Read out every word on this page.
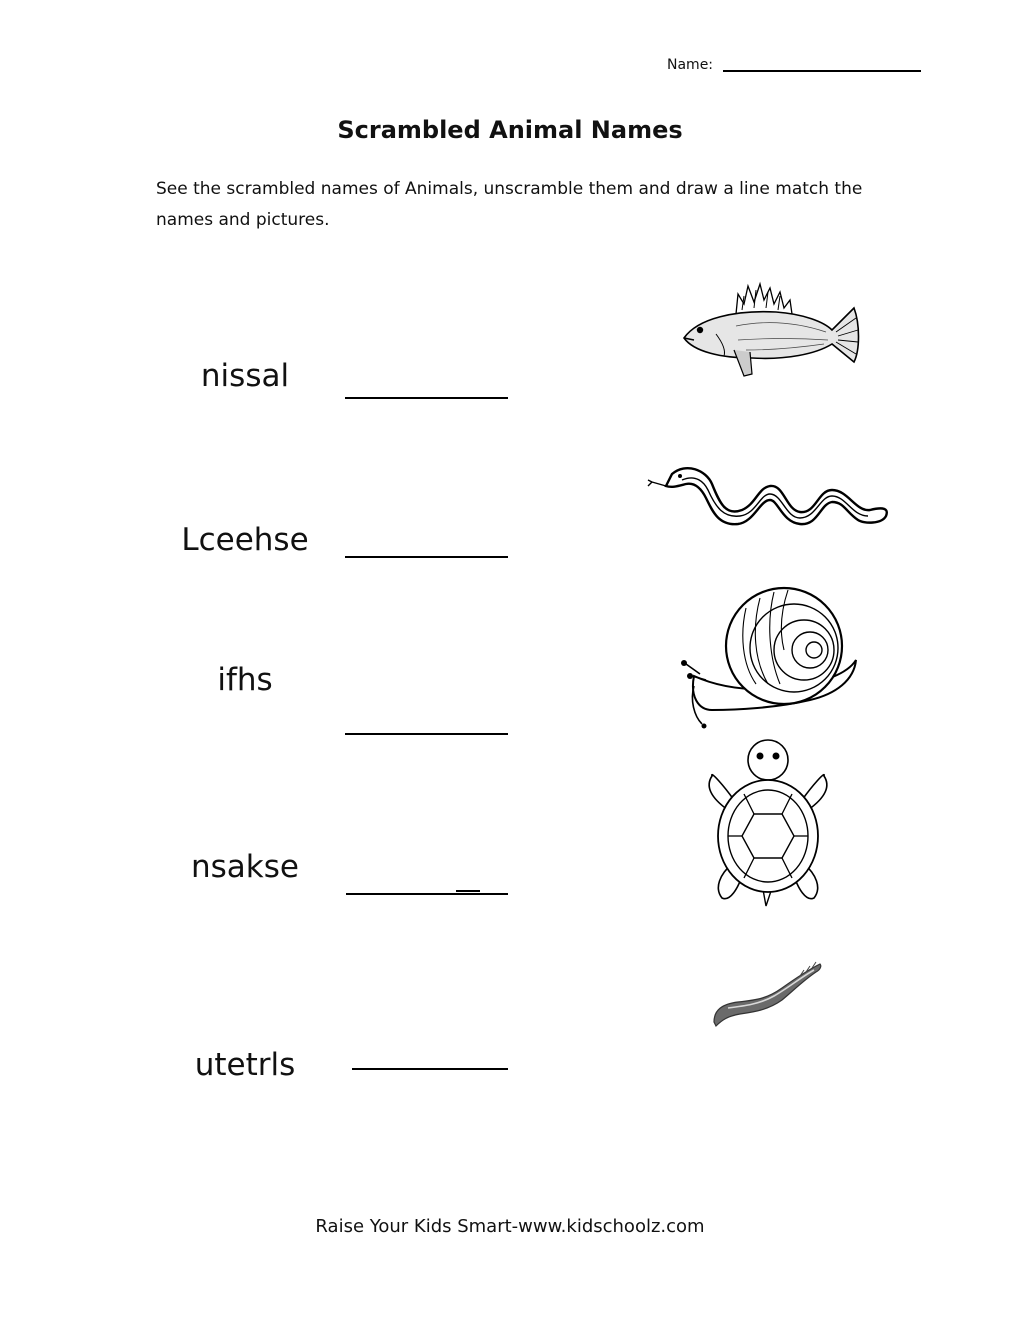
Name:
Scrambled Animal Names
See the scrambled names of Animals, unscramble them and draw a line match the names and pictures.
nissal
Lceehse
ifhs
nsakse
utetrls
Raise Your Kids Smart-www.kidschoolz.com
